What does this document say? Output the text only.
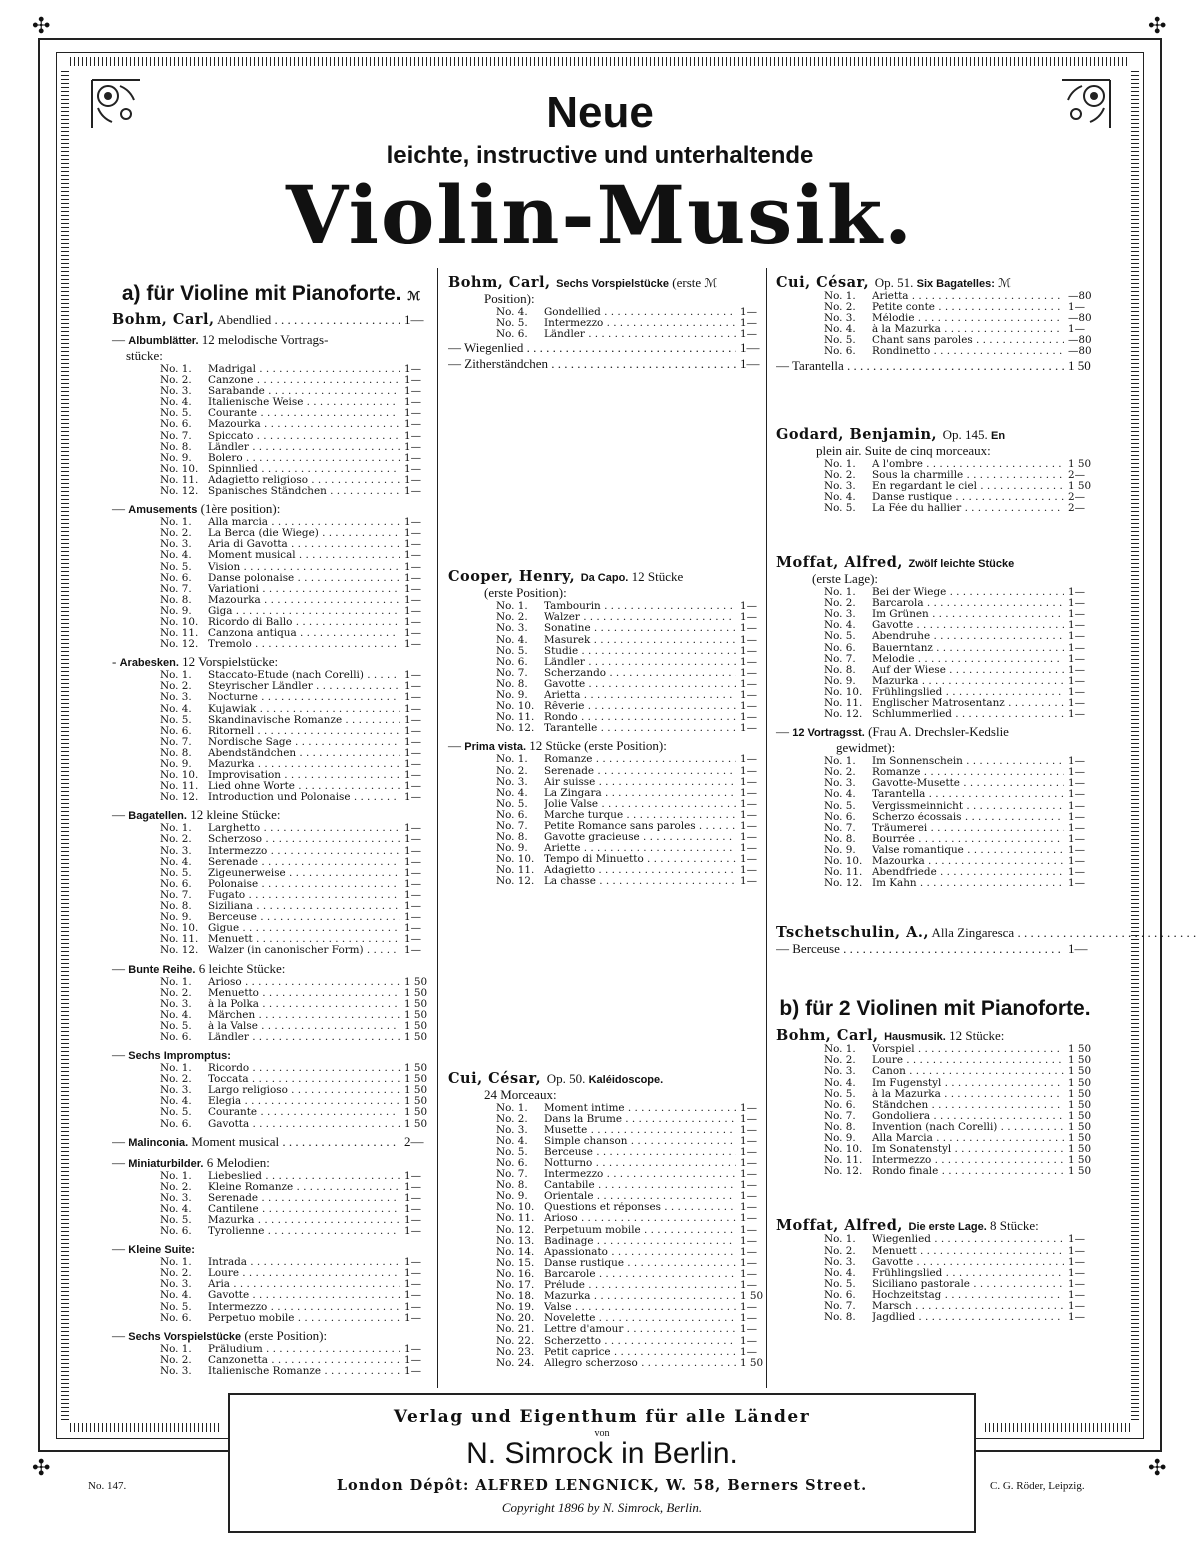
✣	✣
✣	✣
Neue
leichte, instructive und unterhaltende
Violin-Musik.
a) für Violine mit Pianoforte. ℳ
Bohm, Carl, Abendlied . . .	1—
— Albumblätter. 12 melodische Vortrags-
stücke:
No. 1.	Madrigal . . .	1—
No. 2.	Canzone . . .	1—
No. 3.	Sarabande . . .	1—
No. 4.	Italienische Weise . . .	1—
No. 5.	Courante . . .	1—
No. 6.	Mazourka . . .	1—
No. 7.	Spiccato . . .	1—
No. 8.	Ländler . . .	1—
No. 9.	Bolero . . .	1—
No. 10. Spinnlied . . .	1—
No. 11. Adagietto religioso . . .	1—
No. 12. Spanisches Ständchen . . .	1—
— Amusements (1ère position):
No. 1.	Alla marcia . . .	1—
No. 2.	La Berca (die Wiege) . . .	1—
No. 3.	Aria di Gavotta . . .	1—
No. 4.	Moment musical . . .	1—
No. 5.	Vision . . .	1—
No. 6.	Danse polonaise . . .	1—
No. 7.	Variationi . . .	1—
No. 8.	Mazourka . . .	1—
No. 9.	Giga . . .	1—
No. 10. Ricordo di Ballo . . .	1—
No. 11. Canzona antiqua . . .	1—
No. 12. Tremolo . . .	1—
- Arabesken. 12 Vorspielstücke:
No. 1.	Staccato-Etude (nach Corelli) . . .	1—
No. 2.	Steyrischer Ländler . . .	1—
No. 3.	Nocturne . . .	1—
No. 4.	Kujawiak . . .	1—
No. 5.	Skandinavische Romanze . . .	1—
No. 6.	Ritornell . . .	1—
No. 7.	Nordische Sage . . .	1—
No. 8.	Abendständchen . . .	1—
No. 9.	Mazurka . . .	1—
No. 10. Improvisation . . .	1—
No. 11. Lied ohne Worte . . .	1—
No. 12. Introduction und Polonaise . . .	1—
— Bagatellen. 12 kleine Stücke:
No. 1.	Larghetto . . .	1—
No. 2.	Scherzoso . . .	1—
No. 3.	Intermezzo . . .	1—
No. 4.	Serenade . . .	1—
No. 5.	Zigeunerweise . . .	1—
No. 6.	Polonaise . . .	1—
No. 7.	Fugato . . .	1—
No. 8.	Siziliana . . .	1—
No. 9.	Berceuse . . .	1—
No. 10. Gigue . . .	1—
No. 11. Menuett . . .	1—
No. 12. Walzer (in canonischer Form) . . .	1—
— Bunte Reihe. 6 leichte Stücke:
No. 1.	Arioso . . .	1 50
No. 2.	Menuetto . . .	1 50
No. 3.	à la Polka . . .	1 50
No. 4.	Märchen . . .	1 50
No. 5.	à la Valse . . .	1 50
No. 6.	Ländler . . .	1 50
— Sechs Impromptus:
No. 1.	Ricordo . . .	1 50
No. 2.	Toccata . . .	1 50
No. 3.	Largo religioso . . .	1 50
No. 4.	Elegia . . .	1 50
No. 5.	Courante . . .	1 50
No. 6.	Gavotta . . .	1 50
— Malinconia. Moment musical . . .	2—
— Miniaturbilder. 6 Melodien:
No. 1.	Liebeslied . . .	1—
No. 2.	Kleine Romanze . . .	1—
No. 3.	Serenade . . .	1—
No. 4.	Cantilene . . .	1—
No. 5.	Mazurka . . .	1—
No. 6.	Tyrolienne . . .	1—
— Kleine Suite:
No. 1.	Intrada . . .	1—
No. 2.	Loure . . .	1—
No. 3.	Aria . . .	1—
No. 4.	Gavotte . . .	1—
No. 5.	Intermezzo . . .	1—
No. 6.	Perpetuo mobile . . .	1—
— Sechs Vorspielstücke (erste Position):
No. 1.	Präludium . . .	1—
No. 2.	Canzonetta . . .	1—
No. 3.	Italienische Romanze . . .	1—
Bohm, Carl, Sechs Vorspielstücke (erste ℳ
Position):
No. 4.	Gondellied . . .	1—
No. 5.	Intermezzo . . .	1—
No. 6.	Ländler . . .	1—
— Wiegenlied . . .	1—
— Zitherständchen . . .	1—
Cooper, Henry, Da Capo. 12 Stücke
(erste Position):
No. 1.	Tambourin . . .	1—
No. 2.	Walzer . . .	1—
No. 3.	Sonatine . . .	1—
No. 4.	Masurek . . .	1—
No. 5.	Studie . . .	1—
No. 6.	Ländler . . .	1—
No. 7.	Scherzando . . .	1—
No. 8.	Gavotte . . .	1—
No. 9.	Arietta . . .	1—
No. 10. Rêverie . . .	1—
No. 11. Rondo . . .	1—
No. 12. Tarantelle . . .	1—
— Prima vista. 12 Stücke (erste Position):
No. 1.	Romanze . . .	1—
No. 2.	Serenade . . .	1—
No. 3.	Air suisse . . .	1—
No. 4.	La Zingara . . .	1—
No. 5.	Jolie Valse . . .	1—
No. 6.	Marche turque . . .	1—
No. 7.	Petite Romance sans paroles . . .	1—
No. 8.	Gavotte gracieuse . . .	1—
No. 9.	Ariette . . .	1—
No. 10. Tempo di Minuetto . . .	1—
No. 11. Adagietto . . .	1—
No. 12. La chasse . . .	1—
Cui, César, Op. 50. Kaléidoscope.
24 Morceaux:
No. 1.	Moment intime . . .	1—
No. 2.	Dans la Brume . . .	1—
No. 3.	Musette . . .	1—
No. 4.	Simple chanson . . .	1—
No. 5.	Berceuse . . .	1—
No. 6.	Notturno . . .	1—
No. 7.	Intermezzo . . .	1—
No. 8.	Cantabile . . .	1—
No. 9.	Orientale . . .	1—
No. 10. Questions et réponses . . .	1—
No. 11. Arioso . . .	1—
No. 12. Perpetuum mobile . . .	1—
No. 13. Badinage . . .	1—
No. 14. Apassionato . . .	1—
No. 15. Danse rustique . . .	1—
No. 16. Barcarole . . .	1—
No. 17. Prélude . . .	1—
No. 18. Mazurka . . .	1 50
No. 19. Valse . . .	1—
No. 20. Novelette . . .	1—
No. 21. Lettre d'amour . . .	1—
No. 22. Scherzetto . . .	1—
No. 23. Petit caprice . . .	1—
No. 24. Allegro scherzoso . . .	1 50
Cui, César, Op. 51. Six Bagatelles: ℳ
No. 1.	Arietta . . .	—80
No. 2.	Petite conte . . .	1—
No. 3.	Mélodie . . .	—80
No. 4.	à la Mazurka . . .	1—
No. 5.	Chant sans paroles . . .	—80
No. 6.	Rondinetto . . .	—80
— Tarantella . . .	1 50
Godard, Benjamin, Op. 145. En
plein air. Suite de cinq morceaux:
No. 1.	A l'ombre . . .	1 50
No. 2.	Sous la charmille . . .	2—
No. 3.	En regardant le ciel . . .	1 50
No. 4.	Danse rustique . . .	2—
No. 5.	La Fée du hallier . . .	2—
Moffat, Alfred, Zwölf leichte Stücke
(erste Lage):
No. 1.	Bei der Wiege . . .	1—
No. 2.	Barcarola . . .	1—
No. 3.	Im Grünen . . .	1—
No. 4.	Gavotte . . .	1—
No. 5.	Abendruhe . . .	1—
No. 6.	Bauerntanz . . .	1—
No. 7.	Melodie . . .	1—
No. 8.	Auf der Wiese . . .	1—
No. 9.	Mazurka . . .	1—
No. 10. Frühlingslied . . .	1—
No. 11. Englischer Matrosentanz . . .	1—
No. 12. Schlummerlied . . .	1—
— 12 Vortragsst. (Frau A. Drechsler-Kedslie
gewidmet):
No. 1.	Im Sonnenschein . . .	1—
No. 2.	Romanze . . .	1—
No. 3.	Gavotte-Musette . . .	1—
No. 4.	Tarantella . . .	1—
No. 5.	Vergissmeinnicht . . .	1—
No. 6.	Scherzo écossais . . .	1—
No. 7.	Träumerei . . .	1—
No. 8.	Bourrée . . .	1—
No. 9.	Valse romantique . . .	1—
No. 10. Mazourka . . .	1—
No. 11. Abendfriede . . .	1—
No. 12. Im Kahn . . .	1—
Tschetschulin, A., Alla Zingaresca . . .
— Berceuse . . .	1—
b) für 2 Violinen mit Pianoforte.
Bohm, Carl, Hausmusik. 12 Stücke:
No. 1.	Vorspiel . . .	1 50
No. 2.	Loure . . .	1 50
No. 3.	Canon . . .	1 50
No. 4.	Im Fugenstyl . . .	1 50
No. 5.	à la Mazurka . . .	1 50
No. 6.	Ständchen . . .	1 50
No. 7.	Gondoliera . . .	1 50
No. 8.	Invention (nach Corelli) . . .	1 50
No. 9.	Alla Marcia . . .	1 50
No. 10. Im Sonatenstyl . . .	1 50
No. 11. Intermezzo . . .	1 50
No. 12. Rondo finale . . .	1 50
Moffat, Alfred, Die erste Lage. 8 Stücke:
No. 1.	Wiegenlied . . .	1—
No. 2.	Menuett . . .	1—
No. 3.	Gavotte . . .	1—
No. 4.	Frühlingslied . . .	1—
No. 5.	Siciliano pastorale . . .	1—
No. 6.	Hochzeitstag . . .	1—
No. 7.	Marsch . . .	1—
No. 8.	Jagdlied . . .	1—
Verlag und Eigenthum für alle Länder
von
N. Simrock in Berlin.
London Dépôt: ALFRED LENGNICK, W. 58, Berners Street.
Copyright 1896 by N. Simrock, Berlin.
No. 147.	C. G. Röder, Leipzig.
